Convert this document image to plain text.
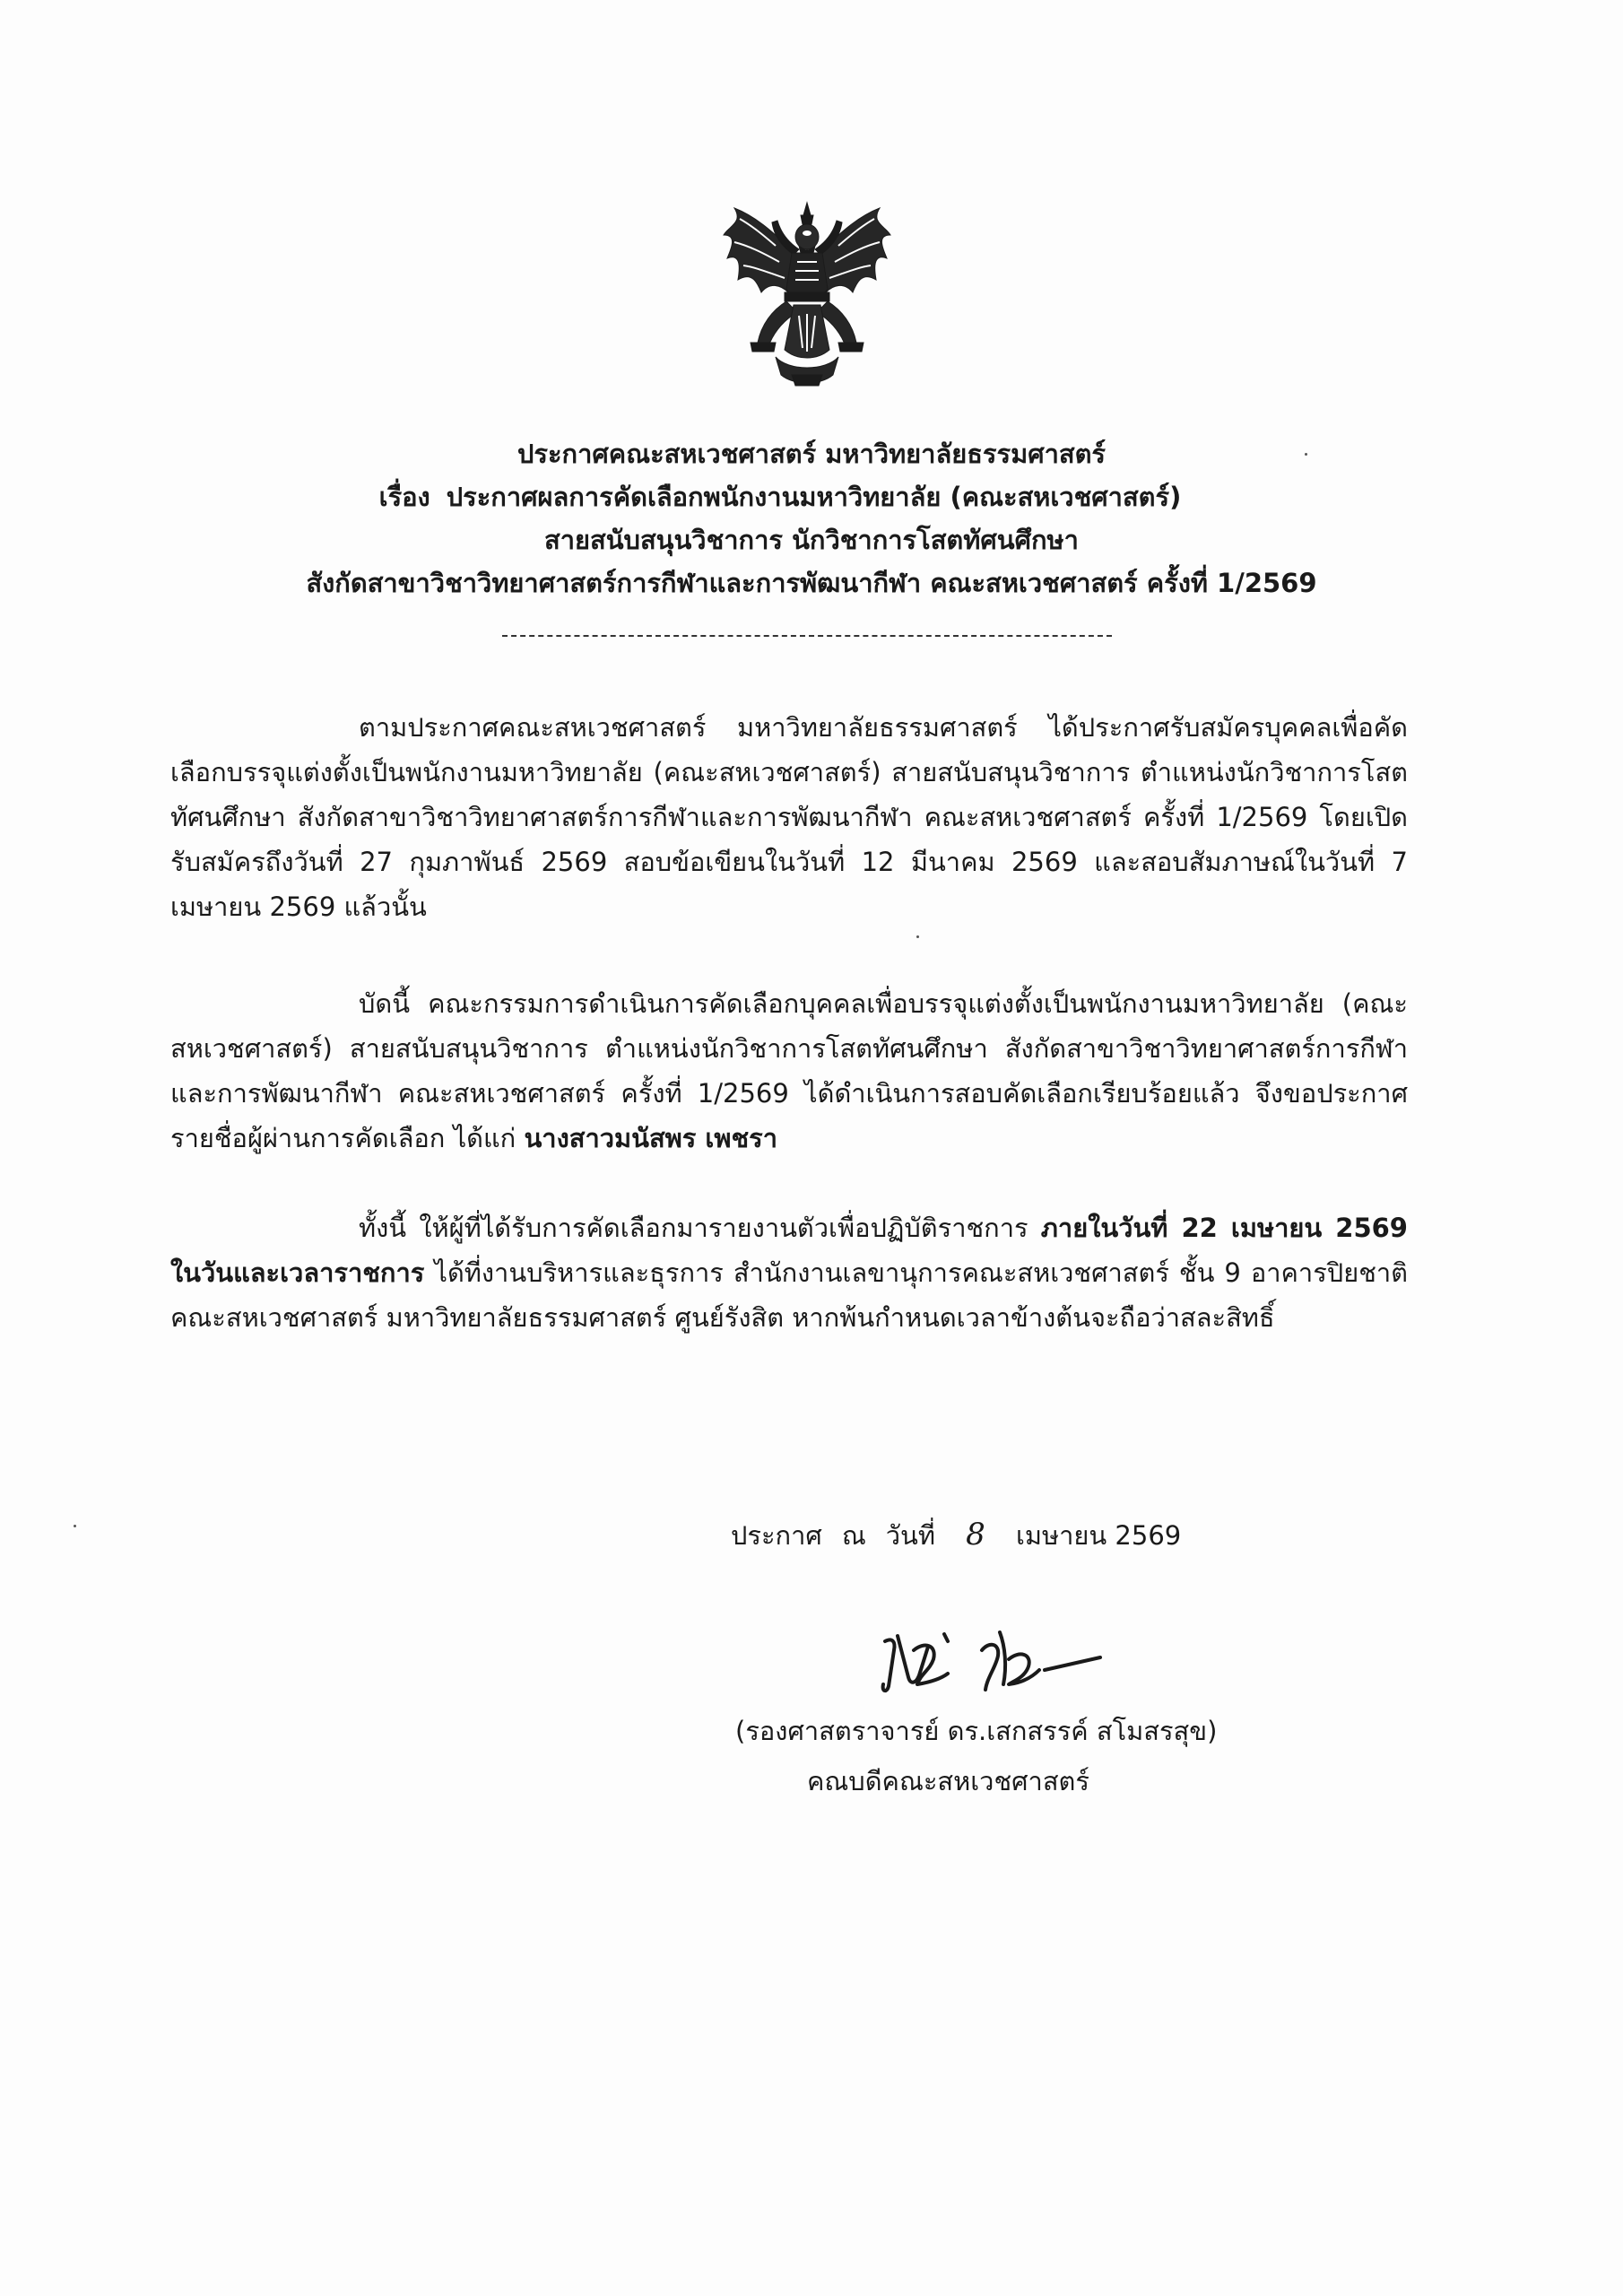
ประกาศคณะสหเวชศาสตร์ มหาวิทยาลัยธรรมศาสตร์
เรื่อง ประกาศผลการคัดเลือกพนักงานมหาวิทยาลัย (คณะสหเวชศาสตร์)
สายสนับสนุนวิชาการ นักวิชาการโสตทัศนศึกษา
สังกัดสาขาวิชาวิทยาศาสตร์การกีฬาและการพัฒนากีฬา คณะสหเวชศาสตร์ ครั้งที่ 1/2569
ตามประกาศคณะสหเวชศาสตร์ มหาวิทยาลัยธรรมศาสตร์ ได้ประกาศรับสมัครบุคคลเพื่อคัดเลือกบรรจุแต่งตั้งเป็นพนักงานมหาวิทยาลัย (คณะสหเวชศาสตร์) สายสนับสนุนวิชาการ ตำแหน่งนักวิชาการโสตทัศนศึกษา สังกัดสาขาวิชาวิทยาศาสตร์การกีฬาและการพัฒนากีฬา คณะสหเวชศาสตร์ ครั้งที่ 1/2569 โดยเปิดรับสมัครถึงวันที่ 27 กุมภาพันธ์ 2569 สอบข้อเขียนในวันที่ 12 มีนาคม 2569 และสอบสัมภาษณ์ในวันที่ 7 เมษายน 2569 แล้วนั้น
บัดนี้ คณะกรรมการดำเนินการคัดเลือกบุคคลเพื่อบรรจุแต่งตั้งเป็นพนักงานมหาวิทยาลัย (คณะสหเวชศาสตร์) สายสนับสนุนวิชาการ ตำแหน่งนักวิชาการโสตทัศนศึกษา สังกัดสาขาวิชาวิทยาศาสตร์การกีฬาและการพัฒนากีฬา คณะสหเวชศาสตร์ ครั้งที่ 1/2569 ได้ดำเนินการสอบคัดเลือกเรียบร้อยแล้ว จึงขอประกาศรายชื่อผู้ผ่านการคัดเลือก ได้แก่ นางสาวมนัสพร เพชรา
ทั้งนี้ ให้ผู้ที่ได้รับการคัดเลือกมารายงานตัวเพื่อปฏิบัติราชการ ภายในวันที่ 22 เมษายน 2569 ในวันและเวลาราชการ ได้ที่งานบริหารและธุรการ สำนักงานเลขานุการคณะสหเวชศาสตร์ ชั้น 9 อาคารปิยชาติ คณะสหเวชศาสตร์ มหาวิทยาลัยธรรมศาสตร์ ศูนย์รังสิต หากพ้นกำหนดเวลาข้างต้นจะถือว่าสละสิทธิ์
ประกาศ ณ วันที่ 8 เมษายน 2569
(รองศาสตราจารย์ ดร.เสกสรรค์ สโมสรสุข)
คณบดีคณะสหเวชศาสตร์
